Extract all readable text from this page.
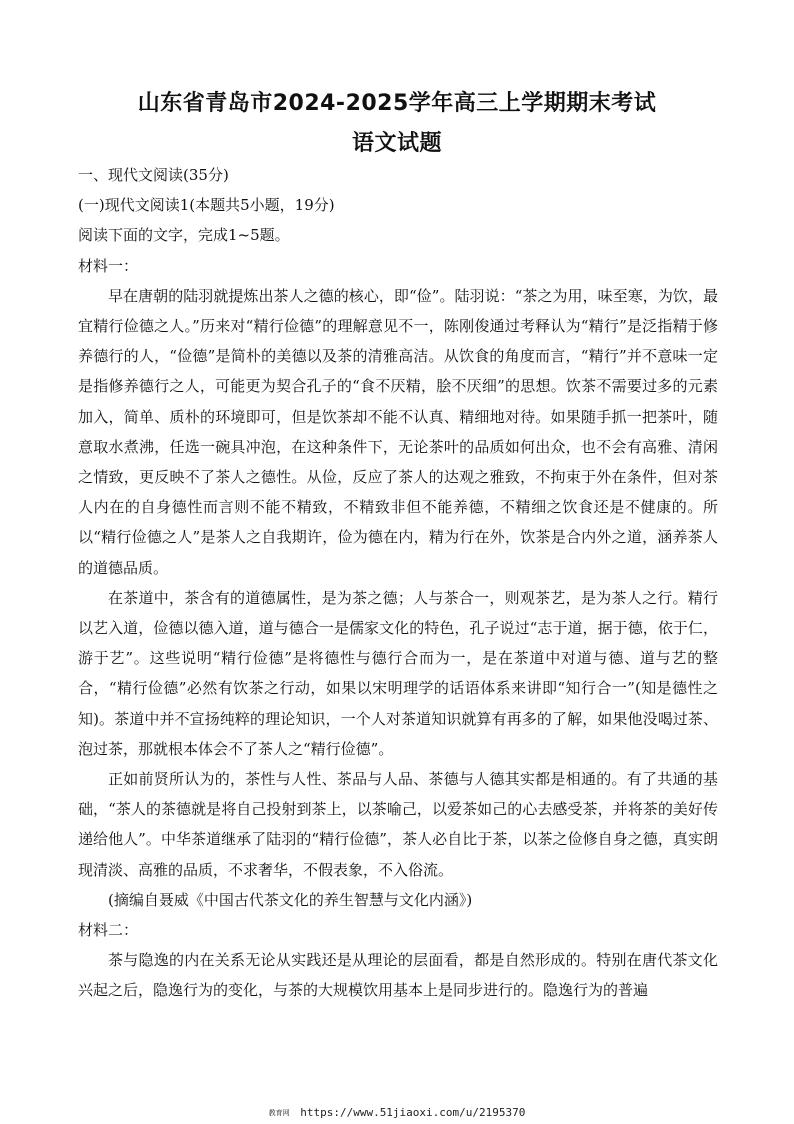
山东省青岛市2024-2025学年高三上学期期末考试
语文试题

一、现代文阅读(35分)

(一)现代文阅读1(本题共5小题，19分)

阅读下面的文字，完成1~5题。

材料一：

早在唐朝的陆羽就提炼出茶人之德的核心，即“俭”。陆羽说：“茶之为用，味至寒，为饮，最宜精行俭德之人。”历来对“精行俭德”的理解意见不一，陈刚俊通过考释认为“精行”是泛指精于修养德行的人，“俭德”是简朴的美德以及茶的清雅高洁。从饮食的角度而言，“精行”并不意味一定是指修养德行之人，可能更为契合孔子的“食不厌精，脍不厌细”的思想。饮茶不需要过多的元素加入，简单、质朴的环境即可，但是饮茶却不能不认真、精细地对待。如果随手抓一把茶叶，随意取水煮沸，任选一碗具冲泡，在这种条件下，无论茶叶的品质如何出众，也不会有高雅、清闲之情致，更反映不了茶人之德性。从俭，反应了茶人的达观之雅致，不拘束于外在条件，但对茶人内在的自身德性而言则不能不精致，不精致非但不能养德，不精细之饮食还是不健康的。所以“精行俭德之人”是茶人之自我期许，俭为德在内，精为行在外，饮茶是合内外之道，涵养茶人的道德品质。

在茶道中，茶含有的道德属性，是为茶之德；人与茶合一，则观茶艺，是为茶人之行。精行以艺入道，俭德以德入道，道与德合一是儒家文化的特色，孔子说过“志于道，据于德，依于仁，游于艺”。这些说明“精行俭德”是将德性与德行合而为一，是在茶道中对道与德、道与艺的整合，“精行俭德”必然有饮茶之行动，如果以宋明理学的话语体系来讲即“知行合一”(知是德性之知)。茶道中并不宣扬纯粹的理论知识，一个人对茶道知识就算有再多的了解，如果他没喝过茶、泡过茶，那就根本体会不了茶人之“精行俭德”。

正如前贤所认为的，茶性与人性、茶品与人品、茶德与人德其实都是相通的。有了共通的基础，“茶人的茶德就是将自己投射到茶上，以茶喻己，以爱茶如己的心去感受茶，并将茶的美好传递给他人”。中华茶道继承了陆羽的“精行俭德”，茶人必自比于茶，以茶之俭修自身之德，真实朗现清淡、高雅的品质，不求奢华，不假表象，不入俗流。

(摘编自聂威《中国古代茶文化的养生智慧与文化内涵》)

材料二：

茶与隐逸的内在关系无论从实践还是从理论的层面看，都是自然形成的。特别在唐代茶文化兴起之后，隐逸行为的变化，与茶的大规模饮用基本上是同步进行的。隐逸行为的普遍

教育网 https://www.51jiaoxi.com/u/2195370
